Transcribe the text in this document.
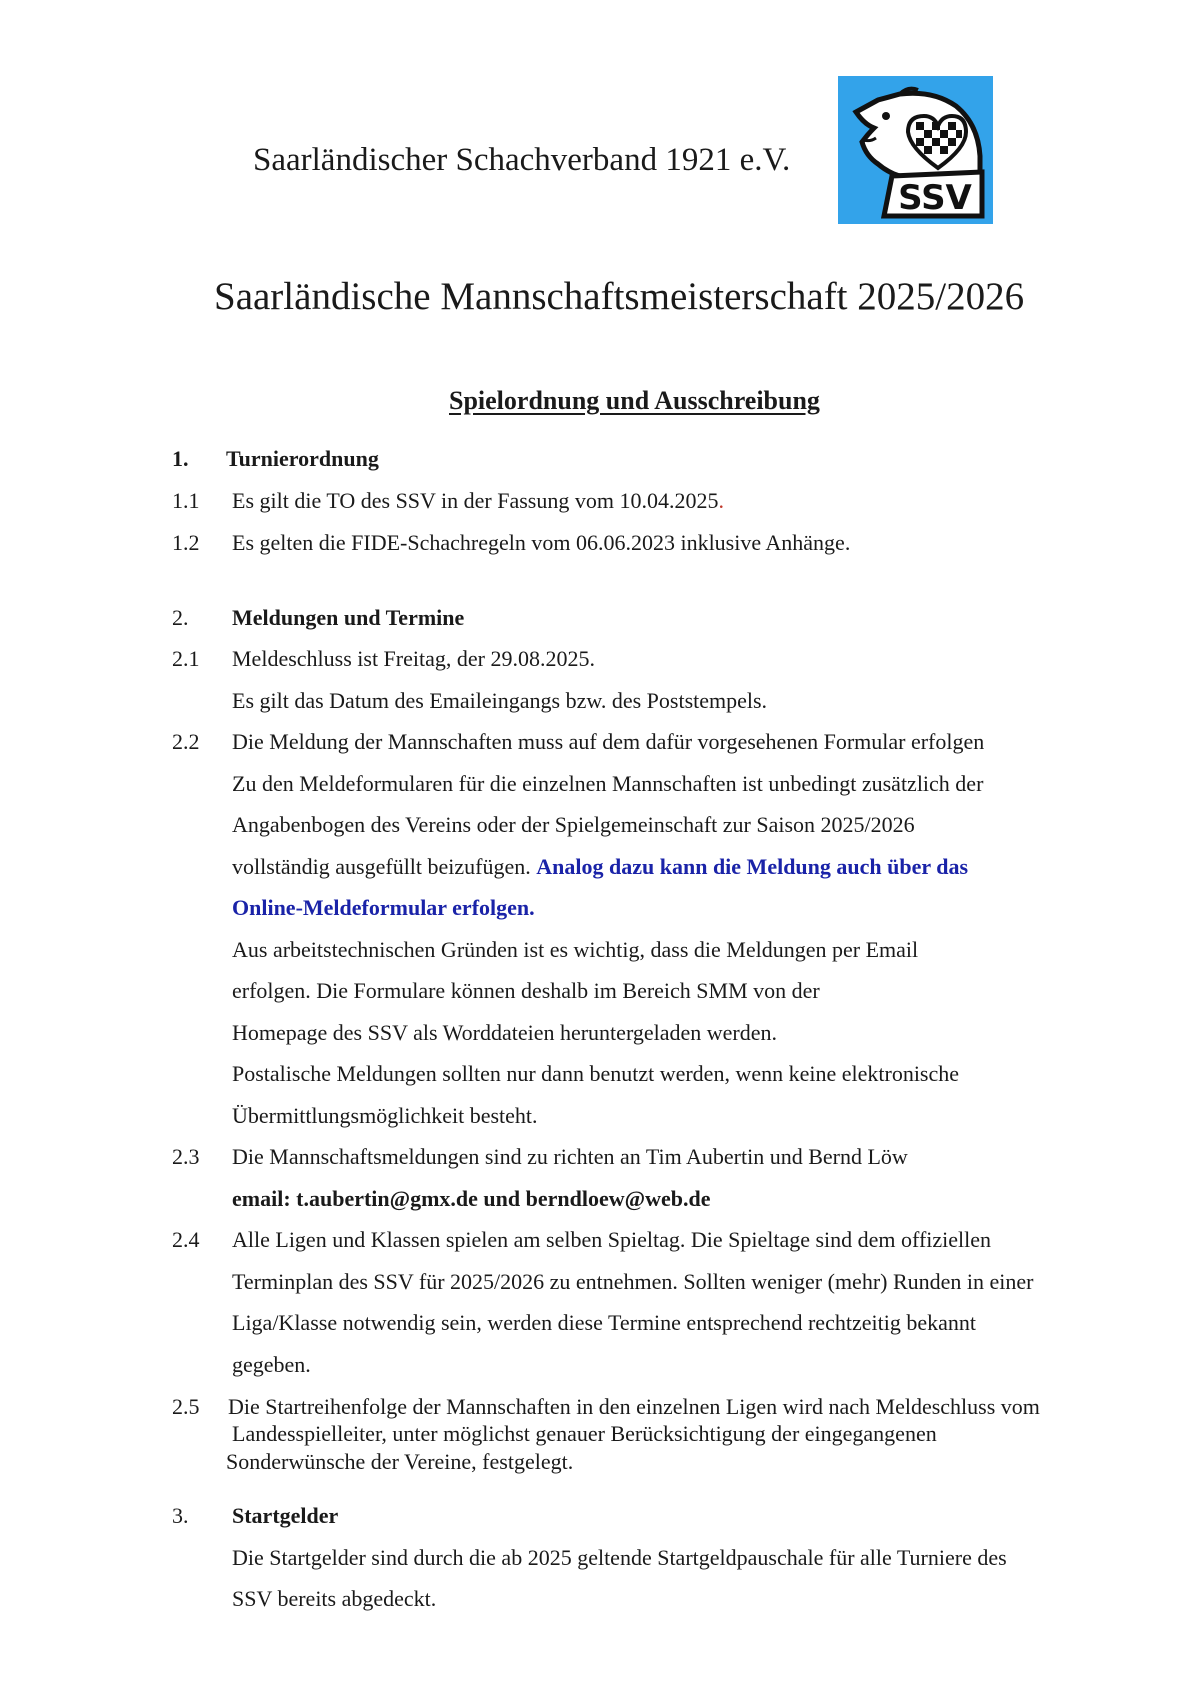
Saarländischer Schachverband 1921 e.V.
SSV
Saarländische Mannschaftsmeisterschaft 2025/2026
Spielordnung und Ausschreibung
1. Turnierordnung
1.1 Es gilt die TO des SSV in der Fassung vom 10.04.2025.
1.2 Es gelten die FIDE-Schachregeln vom 06.06.2023 inklusive Anhänge.
2. Meldungen und Termine
2.1 Meldeschluss ist Freitag, der 29.08.2025.
Es gilt das Datum des Emaileingangs bzw. des Poststempels.
2.2 Die Meldung der Mannschaften muss auf dem dafür vorgesehenen Formular erfolgen
Zu den Meldeformularen für die einzelnen Mannschaften ist unbedingt zusätzlich der
Angabenbogen des Vereins oder der Spielgemeinschaft zur Saison 2025/2026
vollständig ausgefüllt beizufügen. Analog dazu kann die Meldung auch über das
Online-Meldeformular erfolgen.
Aus arbeitstechnischen Gründen ist es wichtig, dass die Meldungen per Email
erfolgen. Die Formulare können deshalb im Bereich SMM von der
Homepage des SSV als Worddateien heruntergeladen werden.
Postalische Meldungen sollten nur dann benutzt werden, wenn keine elektronische
Übermittlungsmöglichkeit besteht.
2.3 Die Mannschaftsmeldungen sind zu richten an Tim Aubertin und Bernd Löw
email: t.aubertin@gmx.de und berndloew@web.de
2.4 Alle Ligen und Klassen spielen am selben Spieltag. Die Spieltage sind dem offiziellen
Terminplan des SSV für 2025/2026 zu entnehmen. Sollten weniger (mehr) Runden in einer
Liga/Klasse notwendig sein, werden diese Termine entsprechend rechtzeitig bekannt
gegeben.
2.5 Die Startreihenfolge der Mannschaften in den einzelnen Ligen wird nach Meldeschluss vom
Landesspielleiter, unter möglichst genauer Berücksichtigung der eingegangenen
Sonderwünsche der Vereine, festgelegt.
3. Startgelder
Die Startgelder sind durch die ab 2025 geltende Startgeldpauschale für alle Turniere des
SSV bereits abgedeckt.
